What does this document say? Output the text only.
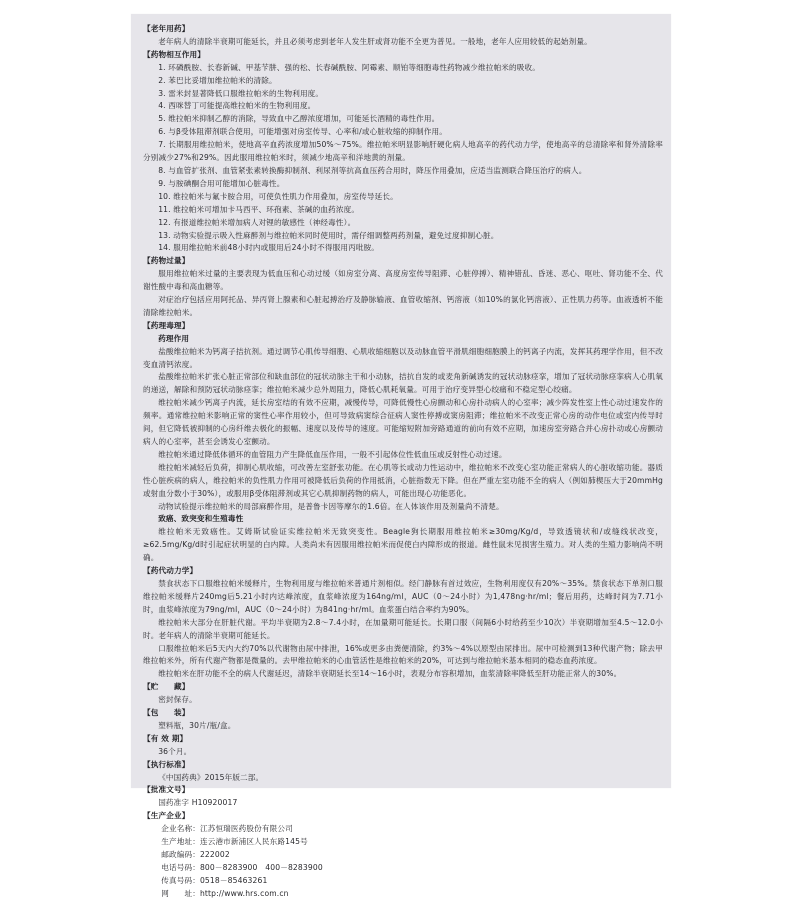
【老年用药】
老年病人的清除半衰期可能延长，并且必须考虑到老年人发生肝或肾功能不全更为普见。一般地，老年人应用较低的起始剂量。
【药物相互作用】
1. 环磷酰胺、长春新碱、甲基苄肼、强的松、长春碱酰胺、阿霉素、顺铂等细胞毒性药物减少维拉帕米的吸收。
2. 苯巴比妥增加维拉帕米的清除。
3. 雷米封显著降低口服维拉帕米的生物利用度。
4. 西咪替丁可能提高维拉帕米的生物利用度。
5. 维拉帕米抑制乙醇的消除，导致血中乙醇浓度增加，可能延长酒精的毒性作用。
6. 与β受体阻滞剂联合使用，可能增强对房室传导、心率和/或心脏收缩的抑制作用。
7. 长期服用维拉帕米，使地高辛血药浓度增加50%～75%。维拉帕米明显影响肝硬化病人地高辛的药代动力学，使地高辛的总清除率和肾外清除率分别减少27%和29%。因此服用维拉帕米时，须减少地高辛和洋地黄的剂量。
8. 与血管扩张剂、血管紧张素转换酶抑制剂、利尿剂等抗高血压药合用时，降压作用叠加，应适当监测联合降压治疗的病人。
9. 与胺碘酮合用可能增加心脏毒性。
10. 维拉帕米与氟卡胺合用，可使负性肌力作用叠加，房室传导延长。
11. 维拉帕米可增加卡马西平、环孢素、茶碱的血药浓度。
12. 有报道维拉帕米增加病人对锂的敏感性（神经毒性）。
13. 动物实验提示吸入性麻醉剂与维拉帕米同时使用时，需仔细调整两药剂量，避免过度抑制心脏。
14. 服用维拉帕米前48小时内或服用后24小时不得服用丙吡胺。
【药物过量】
服用维拉帕米过量的主要表现为低血压和心动过缓（如房室分离、高度房室传导阻滞、心脏停搏）、精神错乱、昏迷、恶心、呕吐、肾功能不全、代谢性酸中毒和高血糖等。
对症治疗包括应用阿托品、异丙肾上腺素和心脏起搏治疗及静脉输液、血管收缩剂、钙溶液（如10%的氯化钙溶液）、正性肌力药等。血液透析不能清除维拉帕米。
【药理毒理】
药理作用
盐酸维拉帕米为钙离子拮抗剂。通过调节心肌传导细胞、心肌收缩细胞以及动脉血管平滑肌细胞细胞膜上的钙离子内流，发挥其药理学作用，但不改变血清钙浓度。
盐酸维拉帕米扩张心脏正常部位和缺血部位的冠状动脉主干和小动脉，拮抗自发的或麦角新碱诱发的冠状动脉痉挛，增加了冠状动脉痉挛病人心肌氧的递送，解除和预防冠状动脉痉挛；维拉帕米减少总外周阻力，降低心肌耗氧量。可用于治疗变异型心绞痛和不稳定型心绞痛。
维拉帕米减少钙离子内流，延长房室结的有效不应期，减慢传导，可降低慢性心房颤动和心房扑动病人的心室率；减少阵发性室上性心动过速发作的频率。通常维拉帕米影响正常的窦性心率作用较小，但可导致病窦综合征病人窦性停搏或窦房阻滞；维拉帕米不改变正常心房的动作电位或室内传导时间，但它降低被抑制的心房纤维去极化的振幅、速度以及传导的速度。可能缩短附加旁路通道的前向有效不应期，加速房室旁路合并心房扑动或心房颤动病人的心室率，甚至会诱发心室颤动。
维拉帕米通过降低体循环的血管阻力产生降低血压作用，一般不引起体位性低血压或反射性心动过速。
维拉帕米减轻后负荷，抑制心肌收缩，可改善左室舒张功能。在心肌等长或动力性运动中，维拉帕米不改变心室功能正常病人的心脏收缩功能。器质性心脏疾病的病人，维拉帕米的负性肌力作用可被降低后负荷的作用抵消，心脏指数无下降。但在严重左室功能不全的病人（例如肺楔压大于20mmHg或射血分数小于30%），或服用β受体阻滞剂或其它心肌抑制药物的病人，可能出现心功能恶化。
动物试验提示维拉帕米的局部麻醉作用，是普鲁卡因等摩尔的1.6倍。在人体该作用及剂量尚不清楚。
致癌、致突变和生殖毒性
维拉帕米无致癌性。艾姆斯试验证实维拉帕米无致突变性。Beagle狗长期服用维拉帕米≥30mg/Kg/d，导致透镜状和/或缝线状改变，≥62.5mg/Kg/d时引起症状明显的白内障。人类尚未有因服用维拉帕米而促使白内障形成的报道。雌性鼠未见损害生殖力。对人类的生殖力影响尚不明确。
【药代动力学】
禁食状态下口服维拉帕米缓释片，生物利用度与维拉帕米普通片剂相似。经门静脉有首过效应，生物利用度仅有20%～35%。禁食状态下单剂口服维拉帕米缓释片240mg后5.21小时内达峰浓度，血浆峰浓度为164ng/ml，AUC（0～24小时）为1,478ng·hr/ml；餐后用药，达峰时间为7.71小时，血浆峰浓度为79ng/ml，AUC（0～24小时）为841ng·hr/ml。血浆蛋白结合率约为90%。
维拉帕米大部分在肝脏代谢。平均半衰期为2.8～7.4小时，在加量期可能延长。长期口服（间隔6小时给药至少10次）半衰期增加至4.5～12.0小时。老年病人的清除半衰期可能延长。
口服维拉帕米后5天内大约70%以代谢物由尿中排泄，16%或更多由粪便清除，约3%～4%以原型由尿排出。尿中可检测到13种代谢产物；除去甲维拉帕米外，所有代谢产物都是微量的。去甲维拉帕米的心血管活性是维拉帕米的20%，可达到与维拉帕米基本相同的稳态血药浓度。
维拉帕米在肝功能不全的病人代谢延迟，清除半衰期延长至14～16小时，表观分布容积增加，血浆清除率降低至肝功能正常人的30%。
【贮　　藏】
密封保存。
【包　　装】
塑料瓶，30片/瓶/盒。
【有 效 期】
36个月。
【执行标准】
《中国药典》2015年版二部。
【批准文号】
国药准字 H10920017
【生产企业】
企业名称：江苏恒瑞医药股份有限公司
生产地址：连云港市新浦区人民东路145号
邮政编码：222002
电话号码：800－8283900　400－8283900
传真号码：0518－85463261
网　　址：http://www.hrs.com.cn
